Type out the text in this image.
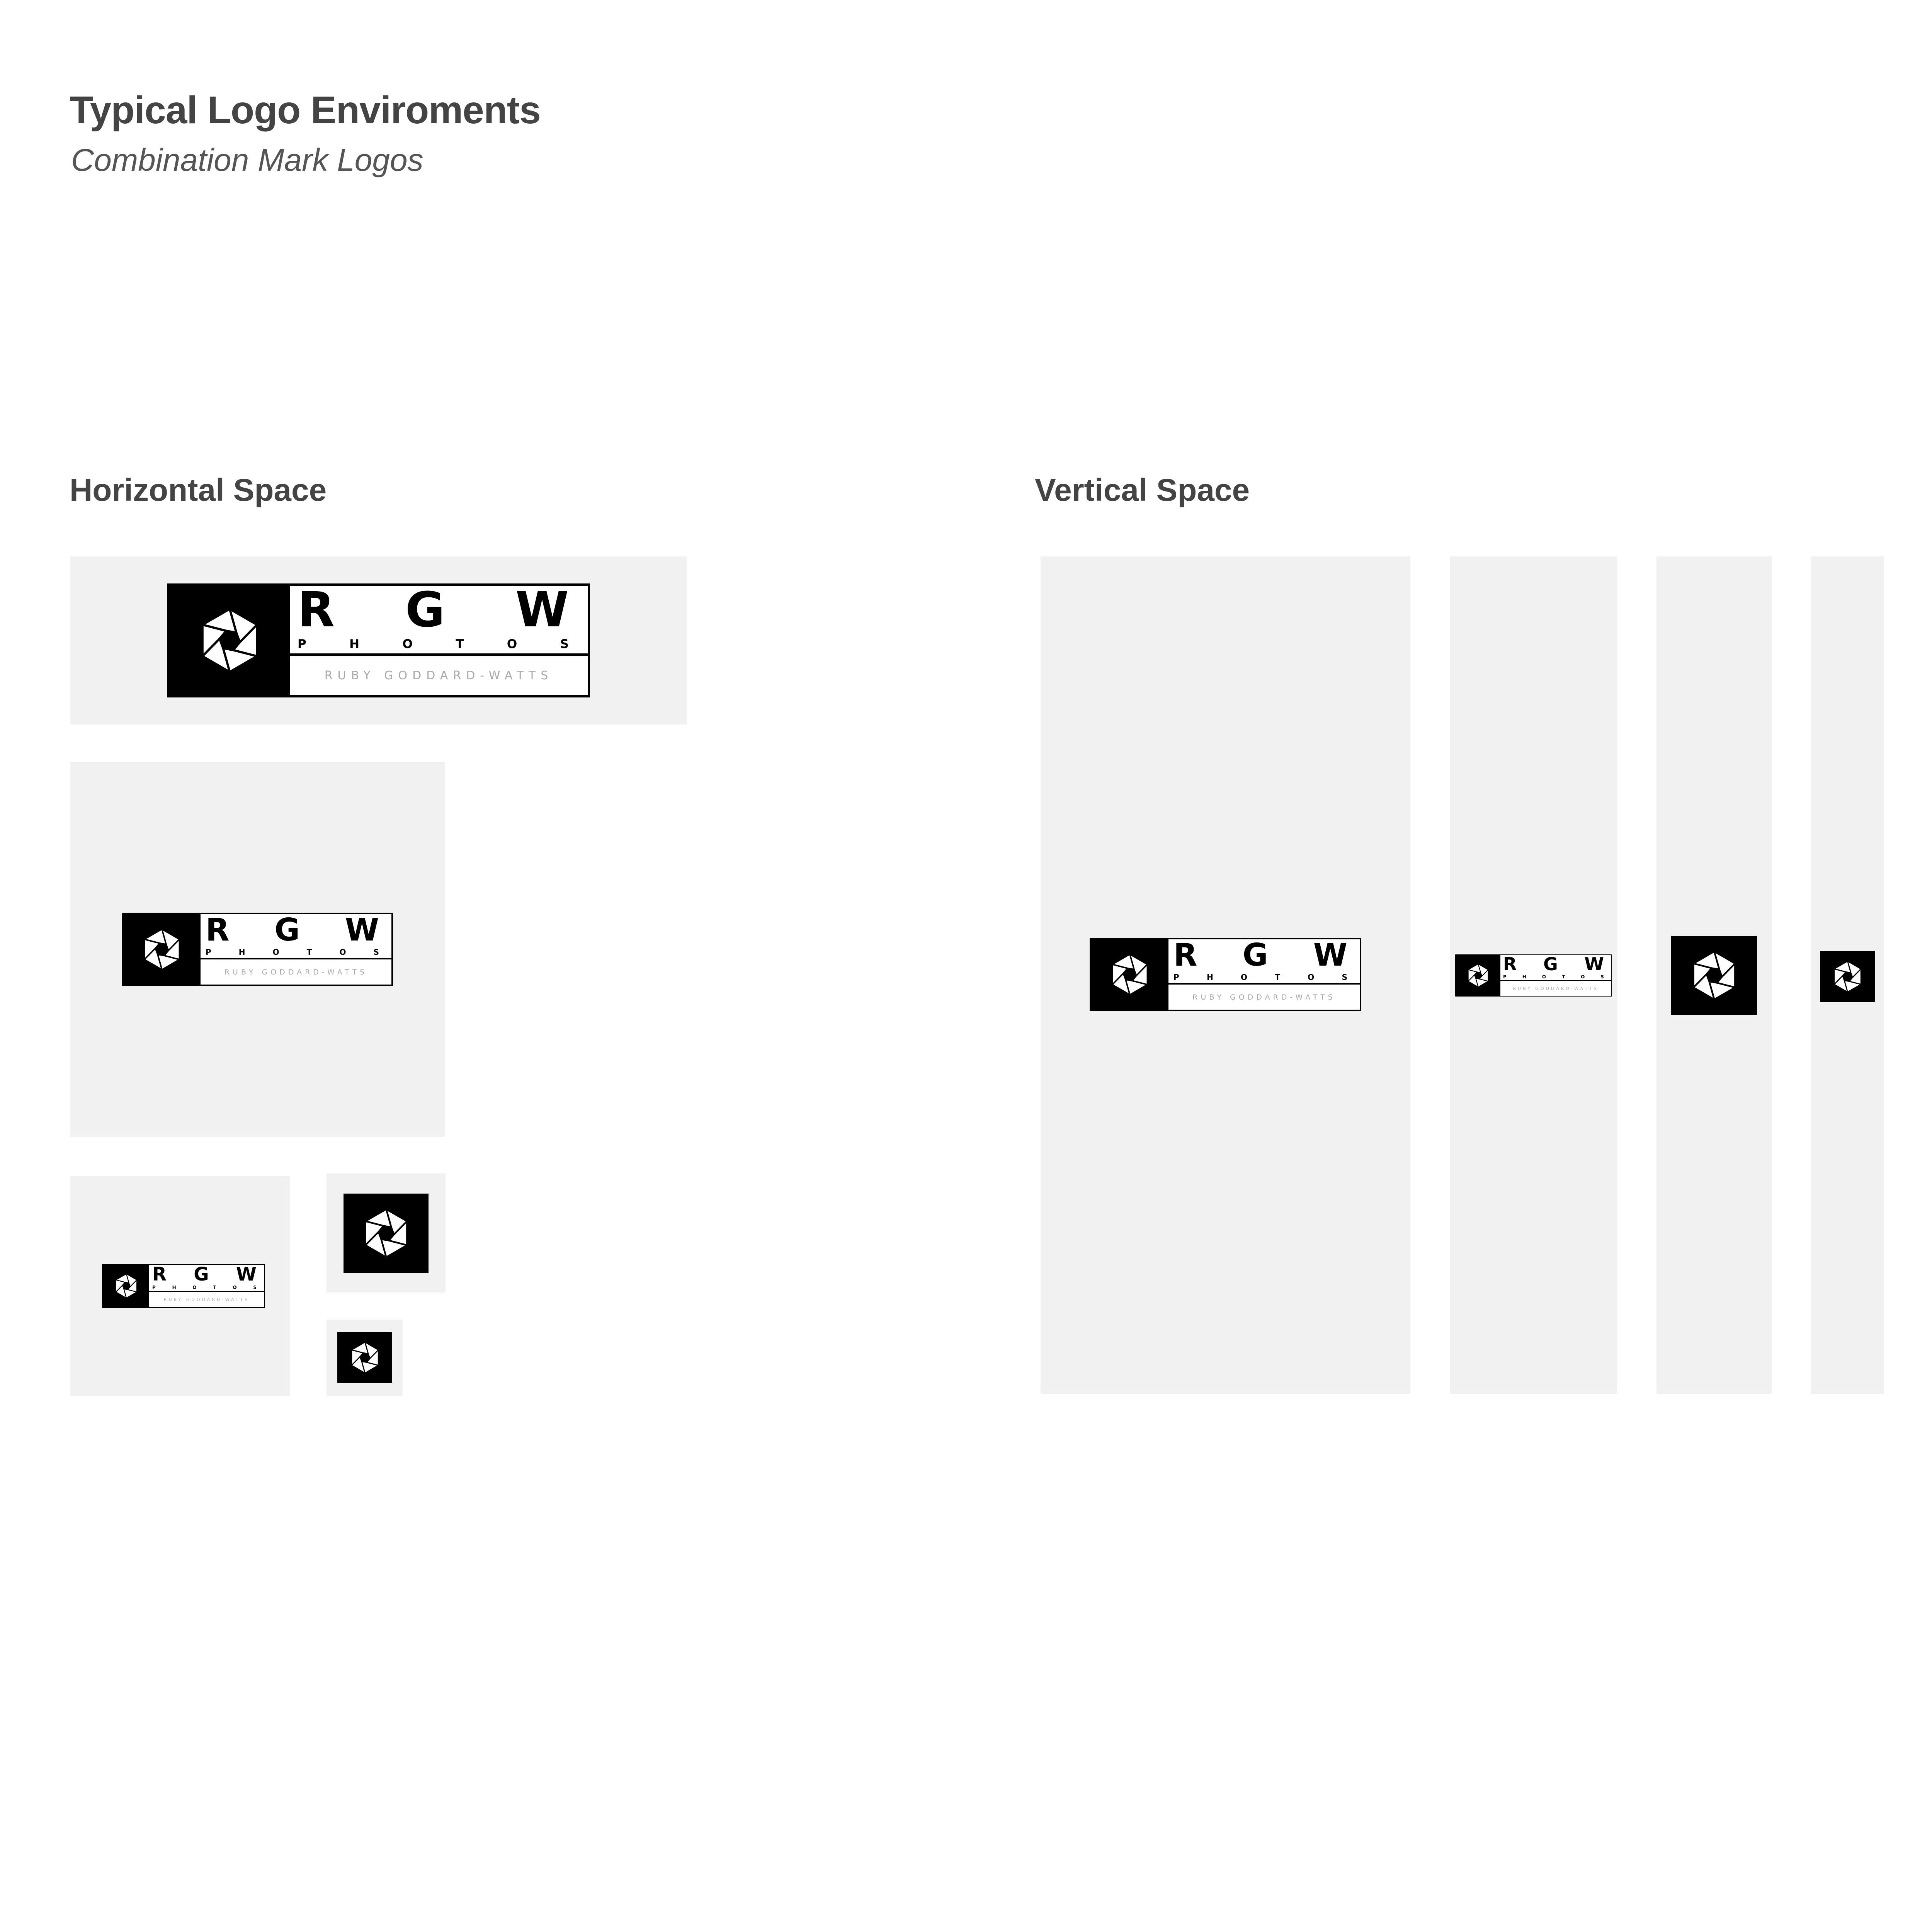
Typical Logo Enviroments
Combination Mark Logos
Horizontal Space	Vertical Space
R G W
P	H	O	T	O	S
RUBY GODDARD-WATTS
R G W
P	H	O	T	O	S
RUBY GODDARD-WATTS
R G W
P	H	O	T	O	S
RUBY GODDARD-WATTS
R G W
P	H	O	T	O	S
RUBY GODDARD-WATTS
R G W
P	H	O	T	O	S
RUBY GODDARD-WATTS
